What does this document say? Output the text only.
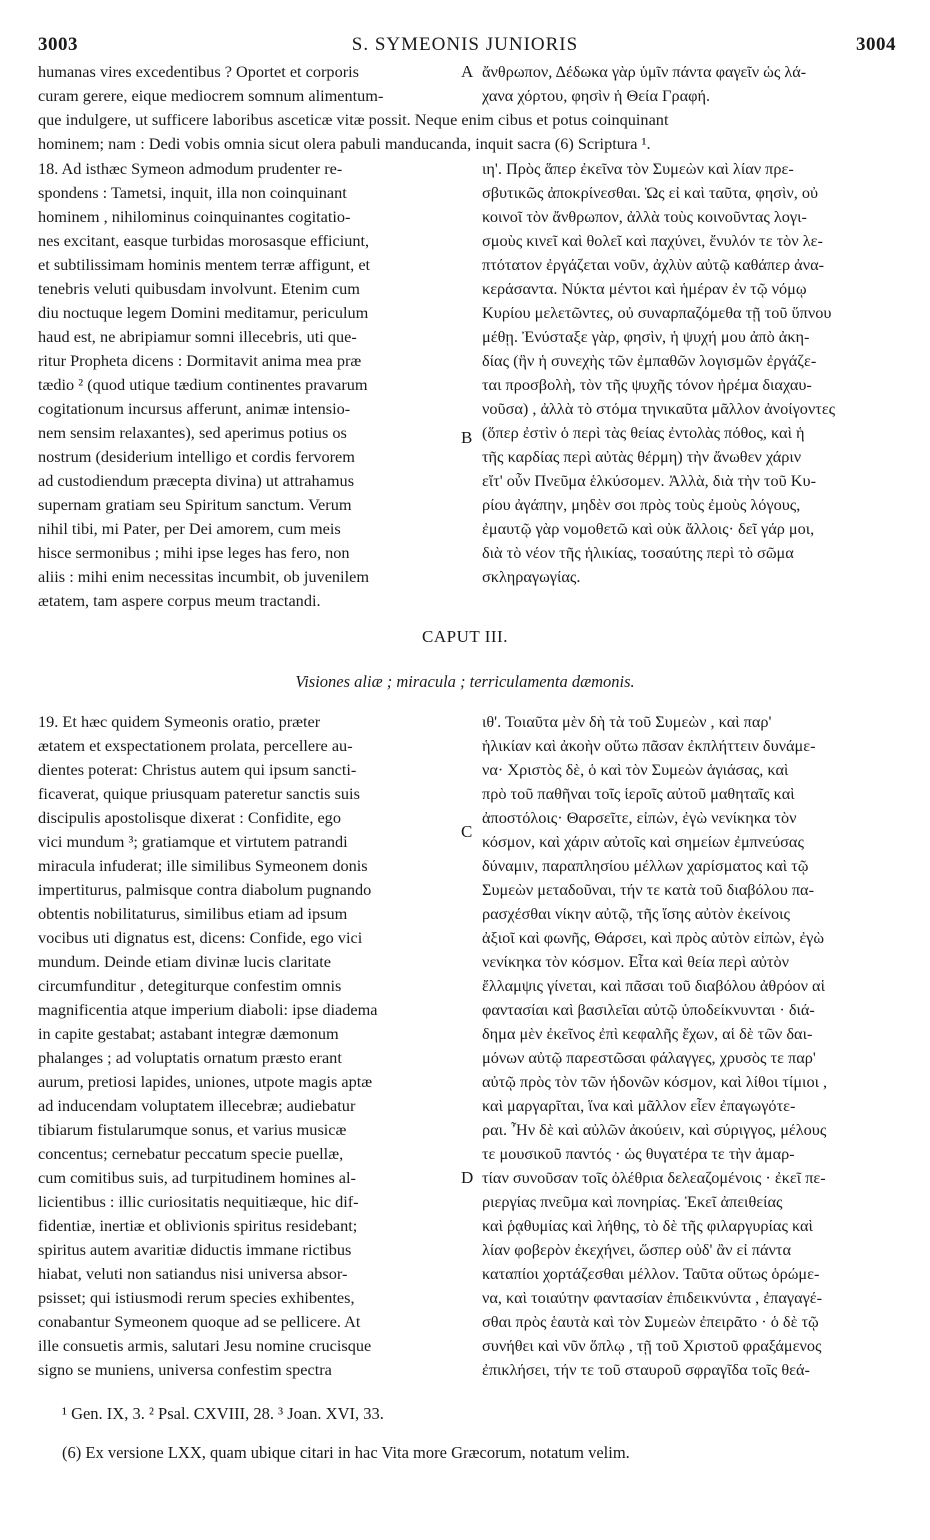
S. SYMEONIS JUNIORIS
3003	3004
humanas vires excedentibus ? Oportet et corporis
curam gerere, eique mediocrem somnum alimentum-
A ἄνθρωπον, Δέδωκα γὰρ ὑμῖν πάντα φαγεῖν ὡς λά-
χανα χόρτου, φησὶν ἡ Θεία Γραφή.
que indulgere, ut sufficere laboribus asceticæ vitæ possit. Neque enim cibus et potus coinquinant
hominem; nam : Dedi vobis omnia sicut olera pabuli manducanda, inquit sacra (6) Scriptura ¹.
18. Ad isthæc Symeon admodum prudenter re-
spondens : Tametsi, inquit, illa non coinquinant
hominem , nihilominus coinquinantes cogitatio-
nes excitant, easque turbidas morosasque efficiunt,
et subtilissimam hominis mentem terræ affigunt, et
tenebris veluti quibusdam involvunt. Etenim cum
diu noctuque legem Domini meditamur, periculum
haud est, ne abripiamur somni illecebris, uti que-
ritur Propheta dicens : Dormitavit anima mea præ
tædio ² (quod utique tædium continentes pravarum
cogitationum incursus afferunt, animæ intensio-
nem sensim relaxantes), sed aperimus potius os
nostrum (desiderium intelligo et cordis fervorem
ad custodiendum præcepta divina) ut attrahamus
supernam gratiam seu Spiritum sanctum. Verum
nihil tibi, mi Pater, per Dei amorem, cum meis
hisce sermonibus ; mihi ipse leges has fero, non
aliis : mihi enim necessitas incumbit, ob juvenilem
ætatem, tam aspere corpus meum tractandi.
B
ιη'. Πρὸς ἅπερ ἐκεῖνα τὸν Συμεὼν καὶ λίαν πρε-
σβυτικῶς ἀποκρίνεσθαι. Ὡς εἰ καὶ ταῦτα, φησὶν, οὐ
κοινοῖ τὸν ἄνθρωπον, ἀλλὰ τοὺς κοινοῦντας λογι-
σμοὺς κινεῖ καὶ θολεῖ καὶ παχύνει, ἔνυλόν τε τὸν λε-
πτότατον ἐργάζεται νοῦν, ἀχλὺν αὐτῷ καθάπερ ἀνα-
κεράσαντα. Νύκτα μέντοι καὶ ἡμέραν ἐν τῷ νόμῳ
Κυρίου μελετῶντες, οὐ συναρπαζόμεθα τῇ τοῦ ὕπνου
μέθῃ. Ἐνύσταξε γὰρ, φησὶν, ἡ ψυχή μου ἀπὸ ἀκη-
δίας (ἣν ἡ συνεχὴς τῶν ἐμπαθῶν λογισμῶν ἐργάζε-
ται προσβολὴ, τὸν τῆς ψυχῆς τόνον ἠρέμα διαχαυ-
νοῦσα) , ἀλλὰ τὸ στόμα τηνικαῦτα μᾶλλον ἀνοίγοντες
(ὅπερ ἐστὶν ὁ περὶ τὰς θείας ἐντολὰς πόθος, καὶ ἡ
τῆς καρδίας περὶ αὐτὰς θέρμη) τὴν ἄνωθεν χάριν
εἴτ' οὖν Πνεῦμα ἑλκύσομεν. Ἀλλὰ, διὰ τὴν τοῦ Κυ-
ρίου ἀγάπην, μηδὲν σοι πρὸς τοὺς ἐμοὺς λόγους,
ἐμαυτῷ γὰρ νομοθετῶ καὶ οὐκ ἄλλοις· δεῖ γάρ μοι,
διὰ τὸ νέον τῆς ἡλικίας, τοσαύτης περὶ τὸ σῶμα
σκληραγωγίας.
CAPUT III.
Visiones aliæ ; miracula ; terriculamenta dæmonis.
19. Et hæc quidem Symeonis oratio, præter
ætatem et exspectationem prolata, percellere au-
dientes poterat: Christus autem qui ipsum sancti-
ficaverat, quique priusquam pateretur sanctis suis
discipulis apostolisque dixerat : Confidite, ego
vici mundum ³; gratiamque et virtutem patrandi
miracula infuderat; ille similibus Symeonem donis
impertiturus, palmisque contra diabolum pugnando
obtentis nobilitaturus, similibus etiam ad ipsum
vocibus uti dignatus est, dicens: Confide, ego vici
mundum. Deinde etiam divinæ lucis claritate
circumfunditur , detegiturque confestim omnis
magnificentia atque imperium diaboli: ipse diadema
in capite gestabat; astabant integræ dæmonum
phalanges ; ad voluptatis ornatum præsto erant
aurum, pretiosi lapides, uniones, utpote magis aptæ
ad inducendam voluptatem illecebræ; audiebatur
tibiarum fistularumque sonus, et varius musicæ
concentus; cernebatur peccatum specie puellæ,
cum comitibus suis, ad turpitudinem homines al-
licientibus : illic curiositatis nequitiæque, hic dif-
fidentiæ, inertiæ et oblivionis spiritus residebant;
spiritus autem avaritiæ diductis immane rictibus
hiabat, veluti non satiandus nisi universa absor-
psisset; qui istiusmodi rerum species exhibentes,
conabantur Symeonem quoque ad se pellicere. At
ille consuetis armis, salutari Jesu nomine crucisque
signo se muniens, universa confestim spectra
C
D
ιθ'. Τοιαῦτα μὲν δὴ τὰ τοῦ Συμεὼν , καὶ παρ'
ἡλικίαν καὶ ἀκοὴν οὕτω πᾶσαν ἐκπλήττειν δυνάμε-
να· Χριστὸς δὲ, ὁ καὶ τὸν Συμεὼν ἁγιάσας, καὶ
πρὸ τοῦ παθῆναι τοῖς ἱεροῖς αὐτοῦ μαθηταῖς καὶ
ἀποστόλοις· Θαρσεῖτε, εἰπὼν, ἐγὼ νενίκηκα τὸν
κόσμον, καὶ χάριν αὐτοῖς καὶ σημείων ἐμπνεύσας
δύναμιν, παραπλησίου μέλλων χαρίσματος καὶ τῷ
Συμεὼν μεταδοῦναι, τήν τε κατὰ τοῦ διαβόλου πα-
ρασχέσθαι νίκην αὐτῷ, τῆς ἴσης αὐτὸν ἐκείνοις
ἀξιοῖ καὶ φωνῆς, Θάρσει, καὶ πρὸς αὐτὸν εἰπὼν, ἐγὼ
νενίκηκα τὸν κόσμον. Εἶτα καὶ θεία περὶ αὐτὸν
ἔλλαμψις γίνεται, καὶ πᾶσαι τοῦ διαβόλου ἀθρόον αἱ
φαντασίαι καὶ βασιλεῖαι αὐτῷ ὑποδείκνυνται · διά-
δημα μὲν ἐκεῖνος ἐπὶ κεφαλῆς ἔχων, αἱ δὲ τῶν δαι-
μόνων αὐτῷ παρεστῶσαι φάλαγγες, χρυσὸς τε παρ'
αὐτῷ πρὸς τὸν τῶν ἡδονῶν κόσμον, καὶ λίθοι τίμιοι ,
καὶ μαργαρῖται, ἵνα καὶ μᾶλλον εἶεν ἐπαγωγότε-
ραι. Ἦν δὲ καὶ αὐλῶν ἀκούειν, καὶ σύριγγος, μέλους
τε μουσικοῦ παντός · ὡς θυγατέρα τε τὴν ἁμαρ-
τίαν συνοῦσαν τοῖς ὀλέθρια δελεαζομένοις · ἐκεῖ πε-
ριεργίας πνεῦμα καὶ πονηρίας. Ἐκεῖ ἀπειθείας
καὶ ῥᾳθυμίας καὶ λήθης, τὸ δὲ τῆς φιλαργυρίας καὶ
λίαν φοβερὸν ἐκεχήνει, ὥσπερ οὐδ' ἂν εἰ πάντα
καταπίοι χορτάζεσθαι μέλλον. Ταῦτα οὕτως ὁρώμε-
να, καὶ τοιαύτην φαντασίαν ἐπιδεικνύντα , ἐπαγαγέ-
σθαι πρὸς ἑαυτὰ καὶ τὸν Συμεὼν ἐπειρᾶτο · ὁ δὲ τῷ
συνήθει καὶ νῦν ὅπλῳ , τῇ τοῦ Χριστοῦ φραξάμενος
ἐπικλήσει, τήν τε τοῦ σταυροῦ σφραγῖδα τοῖς θεά-
¹ Gen. IX, 3. ² Psal. CXVIII, 28. ³ Joan. XVI, 33.
(6) Ex versione LXX, quam ubique citari in hac Vita more Græcorum, notatum velim.
